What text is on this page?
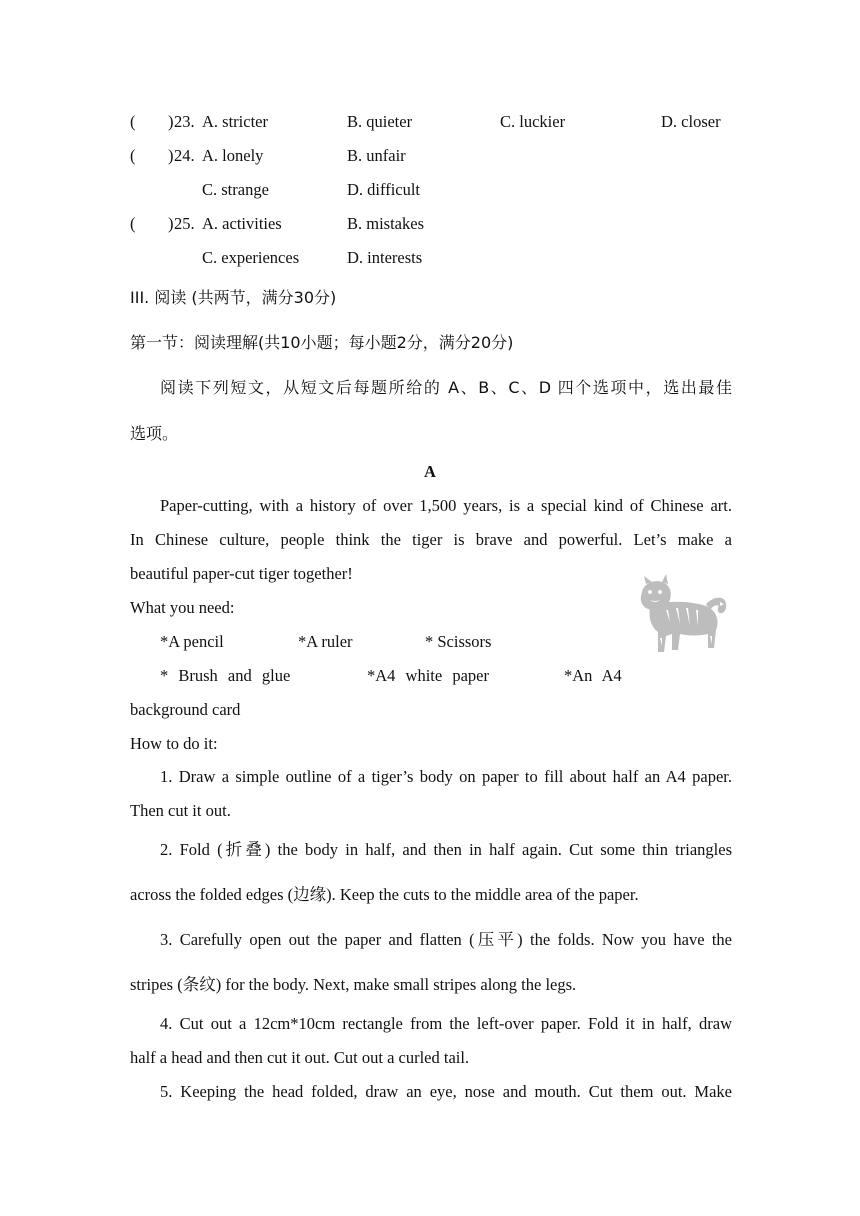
( ) 23. A. stricter	B. quieter	C. luckier	D. closer
( ) 24. A. lonely	B. unfair
C. strange	D. difficult
( ) 25. A. activities	B. mistakes
C. experiences	D. interests
III. 阅读 (共两节，满分30分)
第一节：阅读理解(共10小题；每小题2分，满分20分)
阅读下列短文，从短文后每题所给的 A、B、C、D 四个选项中，选出最佳
选项。
A
Paper-cutting, with a history of over 1,500 years, is a special kind of Chinese art.
In Chinese culture, people think the tiger is brave and powerful. Let’s make a
beautiful paper-cut tiger together!
What you need:
*A pencil	*A ruler	* Scissors
* Brush and glue	*A4 white paper	*An A4
background card
How to do it:
1. Draw a simple outline of a tiger’s body on paper to fill about half an A4 paper.
Then cut it out.
2. Fold (折叠) the body in half, and then in half again. Cut some thin triangles
across the folded edges (边缘). Keep the cuts to the middle area of the paper.
3. Carefully open out the paper and flatten (压平) the folds. Now you have the
stripes (条纹) for the body. Next, make small stripes along the legs.
4. Cut out a 12cm*10cm rectangle from the left-over paper. Fold it in half, draw
half a head and then cut it out. Cut out a curled tail.
5. Keeping the head folded, draw an eye, nose and mouth. Cut them out. Make
